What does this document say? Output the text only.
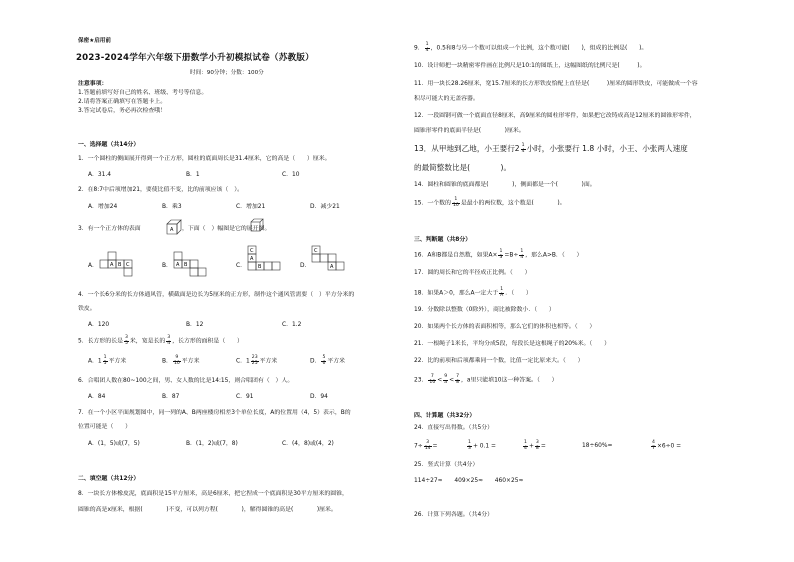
保密★启用前
2023-2024学年六年级下册数学小升初模拟试卷（苏教版）
时间：90分钟；分数：100分
注意事项：
1.答题前填写好自己的姓名、班级、考号等信息。
2.请将答案正确填写在答题卡上。
3.答完试卷后，务必再次检查哦！
一、选择题（共14分）
1．一个圆柱的侧面展开得到一个正方形，圆柱的底面周长是31.4厘米，它的高是（　　）厘米。
A．31.4	B．1	C．10
2．在8:7中后项增加21，要使比值不变，比的前项应该（　）。
A．增加24	B．乘3	C．增加21	D．减少21
3．有一个正方体的表面	A ，下面（　）幅图是它的展开图。
A． A B C	B． A B	C．
C
A
B	D．
C
A
4．一个长6分米的长方体通风管，横截面是边长为5厘米的正方形，制作这个通风管需要（　）平方分米的
铁皮。
A．120	B．12	C．1.2
5．长方形的长是 $\frac{3}{5}$ 米，宽是长的 $\frac{3}{4}$ ，长方形的面积是（　　）
A．$1 \frac{1}{5}$ 平方米	B． $\frac{9}{10}$ 平方米	C．$1 \frac{23}{25}$ 平方米	D． $\frac{5}{6}$ 平方米
6．合唱团人数在80~100之间，男、女人数的比是14:15，则合唱团有（　）人。
A．84	B．87	C．91	D．94
7．在一个小区平面规划图中，同一列的A、B两座楼房相差3个单位长度，A的位置用（4，5）表示，B的
位置可能是（　　）
A．(1，5)或(7，5)	B．(1，2)或(7，8)	C．(4，8)或(4，2)
二、填空题（共12分）
8．一块长方体橡皮泥，底面积是15平方厘米，高是6厘米，把它捏成一个底面积是30平方厘米的圆锥，
圆锥的高是x厘米，根据(　　　　)不变，可以列方程(　　　　)，解得圆锥的高是(　　　　)厘米。
9． $\frac{1}{4}$ ，0.5和8与另一个数可以组成一个比例，这个数可能(　　)，组成的比例是(　　)。
10．设计师把一块精密零件画在比例尺是10:1的图纸上，这幅图纸的比例尺是(　　　)。
11．用一块长28.26厘米，宽15.7厘米的长方形铁皮恰配上直径是(　　　)厘米的圆形铁皮，可能做成一个容
积尽可能大的无盖容器。
12．一段圆钢可做一个底面直径8厘米，高9厘米的圆柱形零件，如果把它改铸成高是12厘米的圆锥形零件，
圆锥形零件的底面半径是(　　　　)厘米。
13．从甲地到乙地，小王要行$2 \frac{1}{4}$ 小时，小张要行 1.8 小时，小王、小张两人速度
的最简整数比是(　　　　)。
14．圆柱和圆锥的底面都是(　　　　)，侧面都是一个(　　　　)面。
15．一个数的 $\frac{1}{10}$ 是最小的两位数，这个数是(　　　　)。
三、判断题（共8分）
16．A和B都是自然数，如果$A\times \frac{1}{3} =B\div \frac{1}{4}$ ，那么A>B．（　　）
17．圆的周长和它的半径成正比例。（　　）
18．如果A＞0，那么A一定大于 $\frac{1}{A}$ ．（　　）
19．分数除以整数（0除外），商比被除数小．（　　）
20．如果两个长方体的表面积相等，那么它们的体积也相等。（　　）
21．一根绳子1米长，平均分成5段，每段长是这根绳子的20%米。（　　）
22．比的前项和后项都乘同一个数，比值一定比原来大。（　　）
23． $\frac{7}{10} < \frac{9}{a} < \frac{7}{8}$ ，a里只能填10这一种答案。（　　）
四、计算题（共32分）
24．直接写出得数。（共5分）
$7\div \frac{3}{14}$ =	$\frac{1}{3} + 0.1$ =	$\frac{1}{4} + \frac{3}{8}$ =	18÷60%=	$\frac{4}{7} \times 6\div 0$ =
25．竖式计算（共4分）
114÷27≈　　409×25≈　　460×25≈
26．计算下列各题。（共4分）
